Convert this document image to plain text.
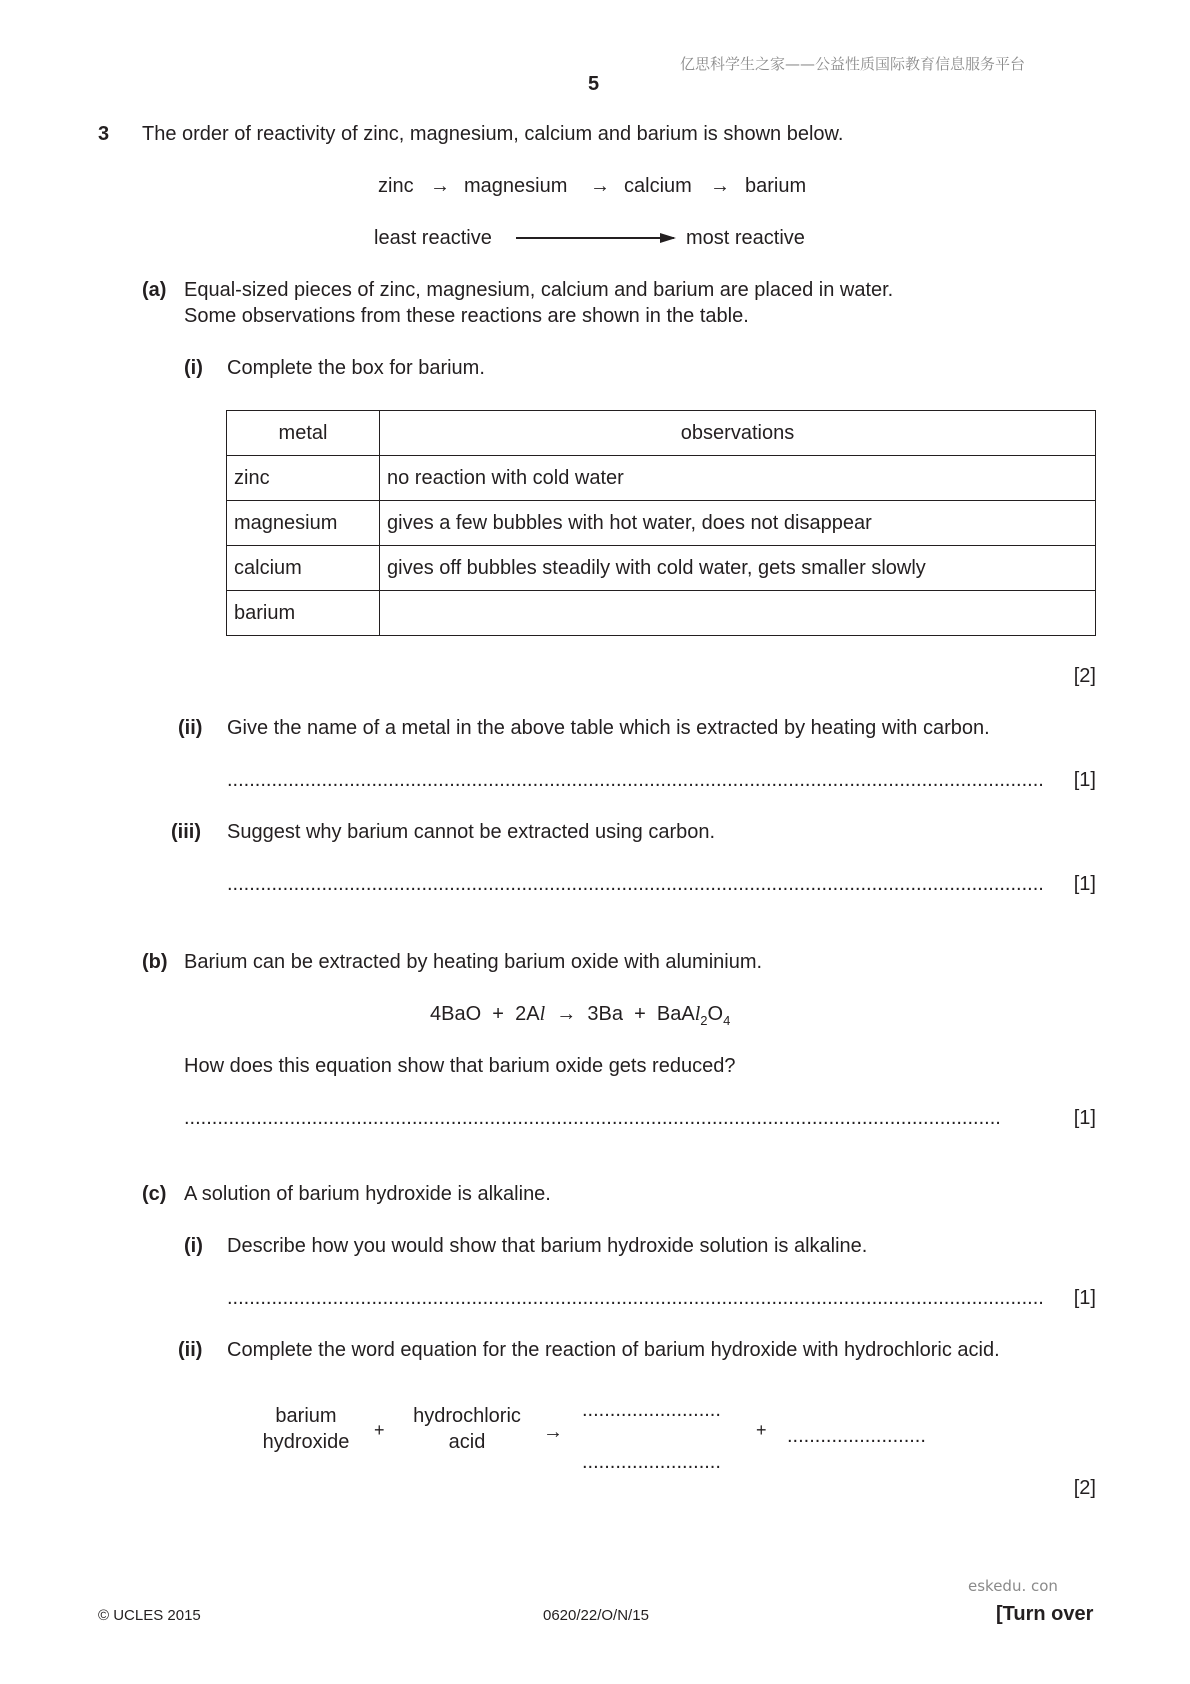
亿思科学生之家——公益性质国际教育信息服务平台
5
3 The order of reactivity of zinc, magnesium, calcium and barium is shown below.
zinc → magnesium → calcium → barium
least reactive	most reactive
(a) Equal-sized pieces of zinc, magnesium, calcium and barium are placed in water.
Some observations from these reactions are shown in the table.
(i) Complete the box for barium.
metal	observations
zinc	no reaction with cold water
magnesium	gives a few bubbles with hot water, does not disappear
calcium	gives off bubbles steadily with cold water, gets smaller slowly
barium	
[2]
(ii) Give the name of a metal in the above table which is extracted by heating with carbon.
...................................................................................................................................................	[1]
(iii) Suggest why barium cannot be extracted using carbon.
...................................................................................................................................................	[1]
(b) Barium can be extracted by heating barium oxide with aluminium.
$4BaO + 2Al \to 3Ba + BaAl_2O_4$
How does this equation show that barium oxide gets reduced?
...................................................................................................................................................	[1]
(c) A solution of barium hydroxide is alkaline.
(i) Describe how you would show that barium hydroxide solution is alkaline.
...................................................................................................................................................	[1]
(ii) Complete the word equation for the reaction of barium hydroxide with hydrochloric acid.
barium
hydroxide
+
hydrochloric
acid	→
.........................
.........................
+ .........................
[2]
eskedu. con
© UCLES 2015	0620/22/O/N/15	[Turn over
